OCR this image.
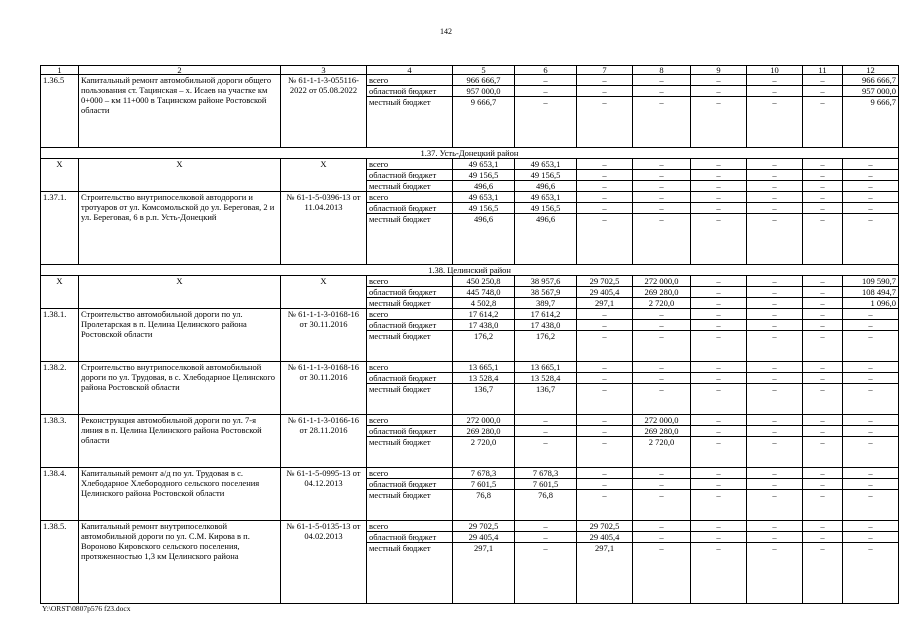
142
1	2	3	4	5	6	7	8	9	10	11	12
1.36.5	Капитальный ремонт автомобильной дороги общего пользования ст. Тацинская – х. Исаев на участке км 0+000 – км 11+000 в Тацинском районе Ростовской области	№ 61-1-1-3-055116-2022 от 05.08.2022	всего	966 666,7	–	–	–	–	–	–	966 666,7
			областной бюджет	957 000,0	–	–	–	–	–	–	957 000,0
			местный бюджет	9 666,7	–	–	–	–	–	–	9 666,7
1.37. Усть-Донецкий район											
Х	Х	Х	всего	49 653,1	49 653,1	–	–	–	–	–	–
			областной бюджет	49 156,5	49 156,5	–	–	–	–	–	–
			местный бюджет	496,6	496,6	–	–	–	–	–	–
1.37.1.	Строительство внутрипоселковой автодороги и тротуаров от ул. Комсомольской до ул. Береговая, 2 и ул. Береговая, 6 в р.п. Усть-Донецкий	№ 61-1-5-0396-13 от 11.04.2013	всего	49 653,1	49 653,1	–	–	–	–	–	–
			областной бюджет	49 156,5	49 156,5	–	–	–	–	–	–
			местный бюджет	496,6	496,6	–	–	–	–	–	–
1.38. Целинский район											
Х	Х	Х	всего	450 250,8	38 957,6	29 702,5	272 000,0	–	–	–	109 590,7
			областной бюджет	445 748,0	38 567,9	29 405,4	269 280,0	–	–	–	108 494,7
			местный бюджет	4 502,8	389,7	297,1	2 720,0	–	–	–	1 096,0
1.38.1.	Строительство автомобильной дороги по ул. Пролетарская в п. Целина Целинского района Ростовской области	№ 61-1-1-3-0168-16 от 30.11.2016	всего	17 614,2	17 614,2	–	–	–	–	–	–
			областной бюджет	17 438,0	17 438,0	–	–	–	–	–	–
			местный бюджет	176,2	176,2	–	–	–	–	–	–
1.38.2.	Строительство внутрипоселковой автомобильной дороги по ул. Трудовая, в с. Хлебодарное Целинского района Ростовской области	№ 61-1-1-3-0168-16 от 30.11.2016	всего	13 665,1	13 665,1	–	–	–	–	–	–
			областной бюджет	13 528,4	13 528,4	–	–	–	–	–	–
			местный бюджет	136,7	136,7	–	–	–	–	–	–
1.38.3.	Реконструкция автомобильной дороги по ул. 7-я линия в п. Целина Целинского района Ростовской области	№ 61-1-1-3-0166-16 от 28.11.2016	всего	272 000,0	–	–	272 000,0	–	–	–	–
			областной бюджет	269 280,0	–	–	269 280,0	–	–	–	–
			местный бюджет	2 720,0	–	–	2 720,0	–	–	–	–
1.38.4.	Капитальный ремонт а/д по ул. Трудовая в с. Хлебодарное Хлебородного сельского поселения Целинского района Ростовской области	№ 61-1-5-0995-13 от 04.12.2013	всего	7 678,3	7 678,3	–	–	–	–	–	–
			областной бюджет	7 601,5	7 601,5	–	–	–	–	–	–
			местный бюджет	76,8	76,8	–	–	–	–	–	–
1.38.5.	Капитальный ремонт внутрипоселковой автомобильной дороги по ул. С.М. Кирова в п. Вороново Кировского сельского поселения, протяженностью 1,3 км Целинского района	№ 61-1-5-0135-13 от 04.02.2013	всего	29 702,5	–	29 702,5	–	–	–	–	–
			областной бюджет	29 405,4	–	29 405,4	–	–	–	–	–
			местный бюджет	297,1	–	297,1	–	–	–	–	–
Y:\ORST\0807p576 f23.docx
